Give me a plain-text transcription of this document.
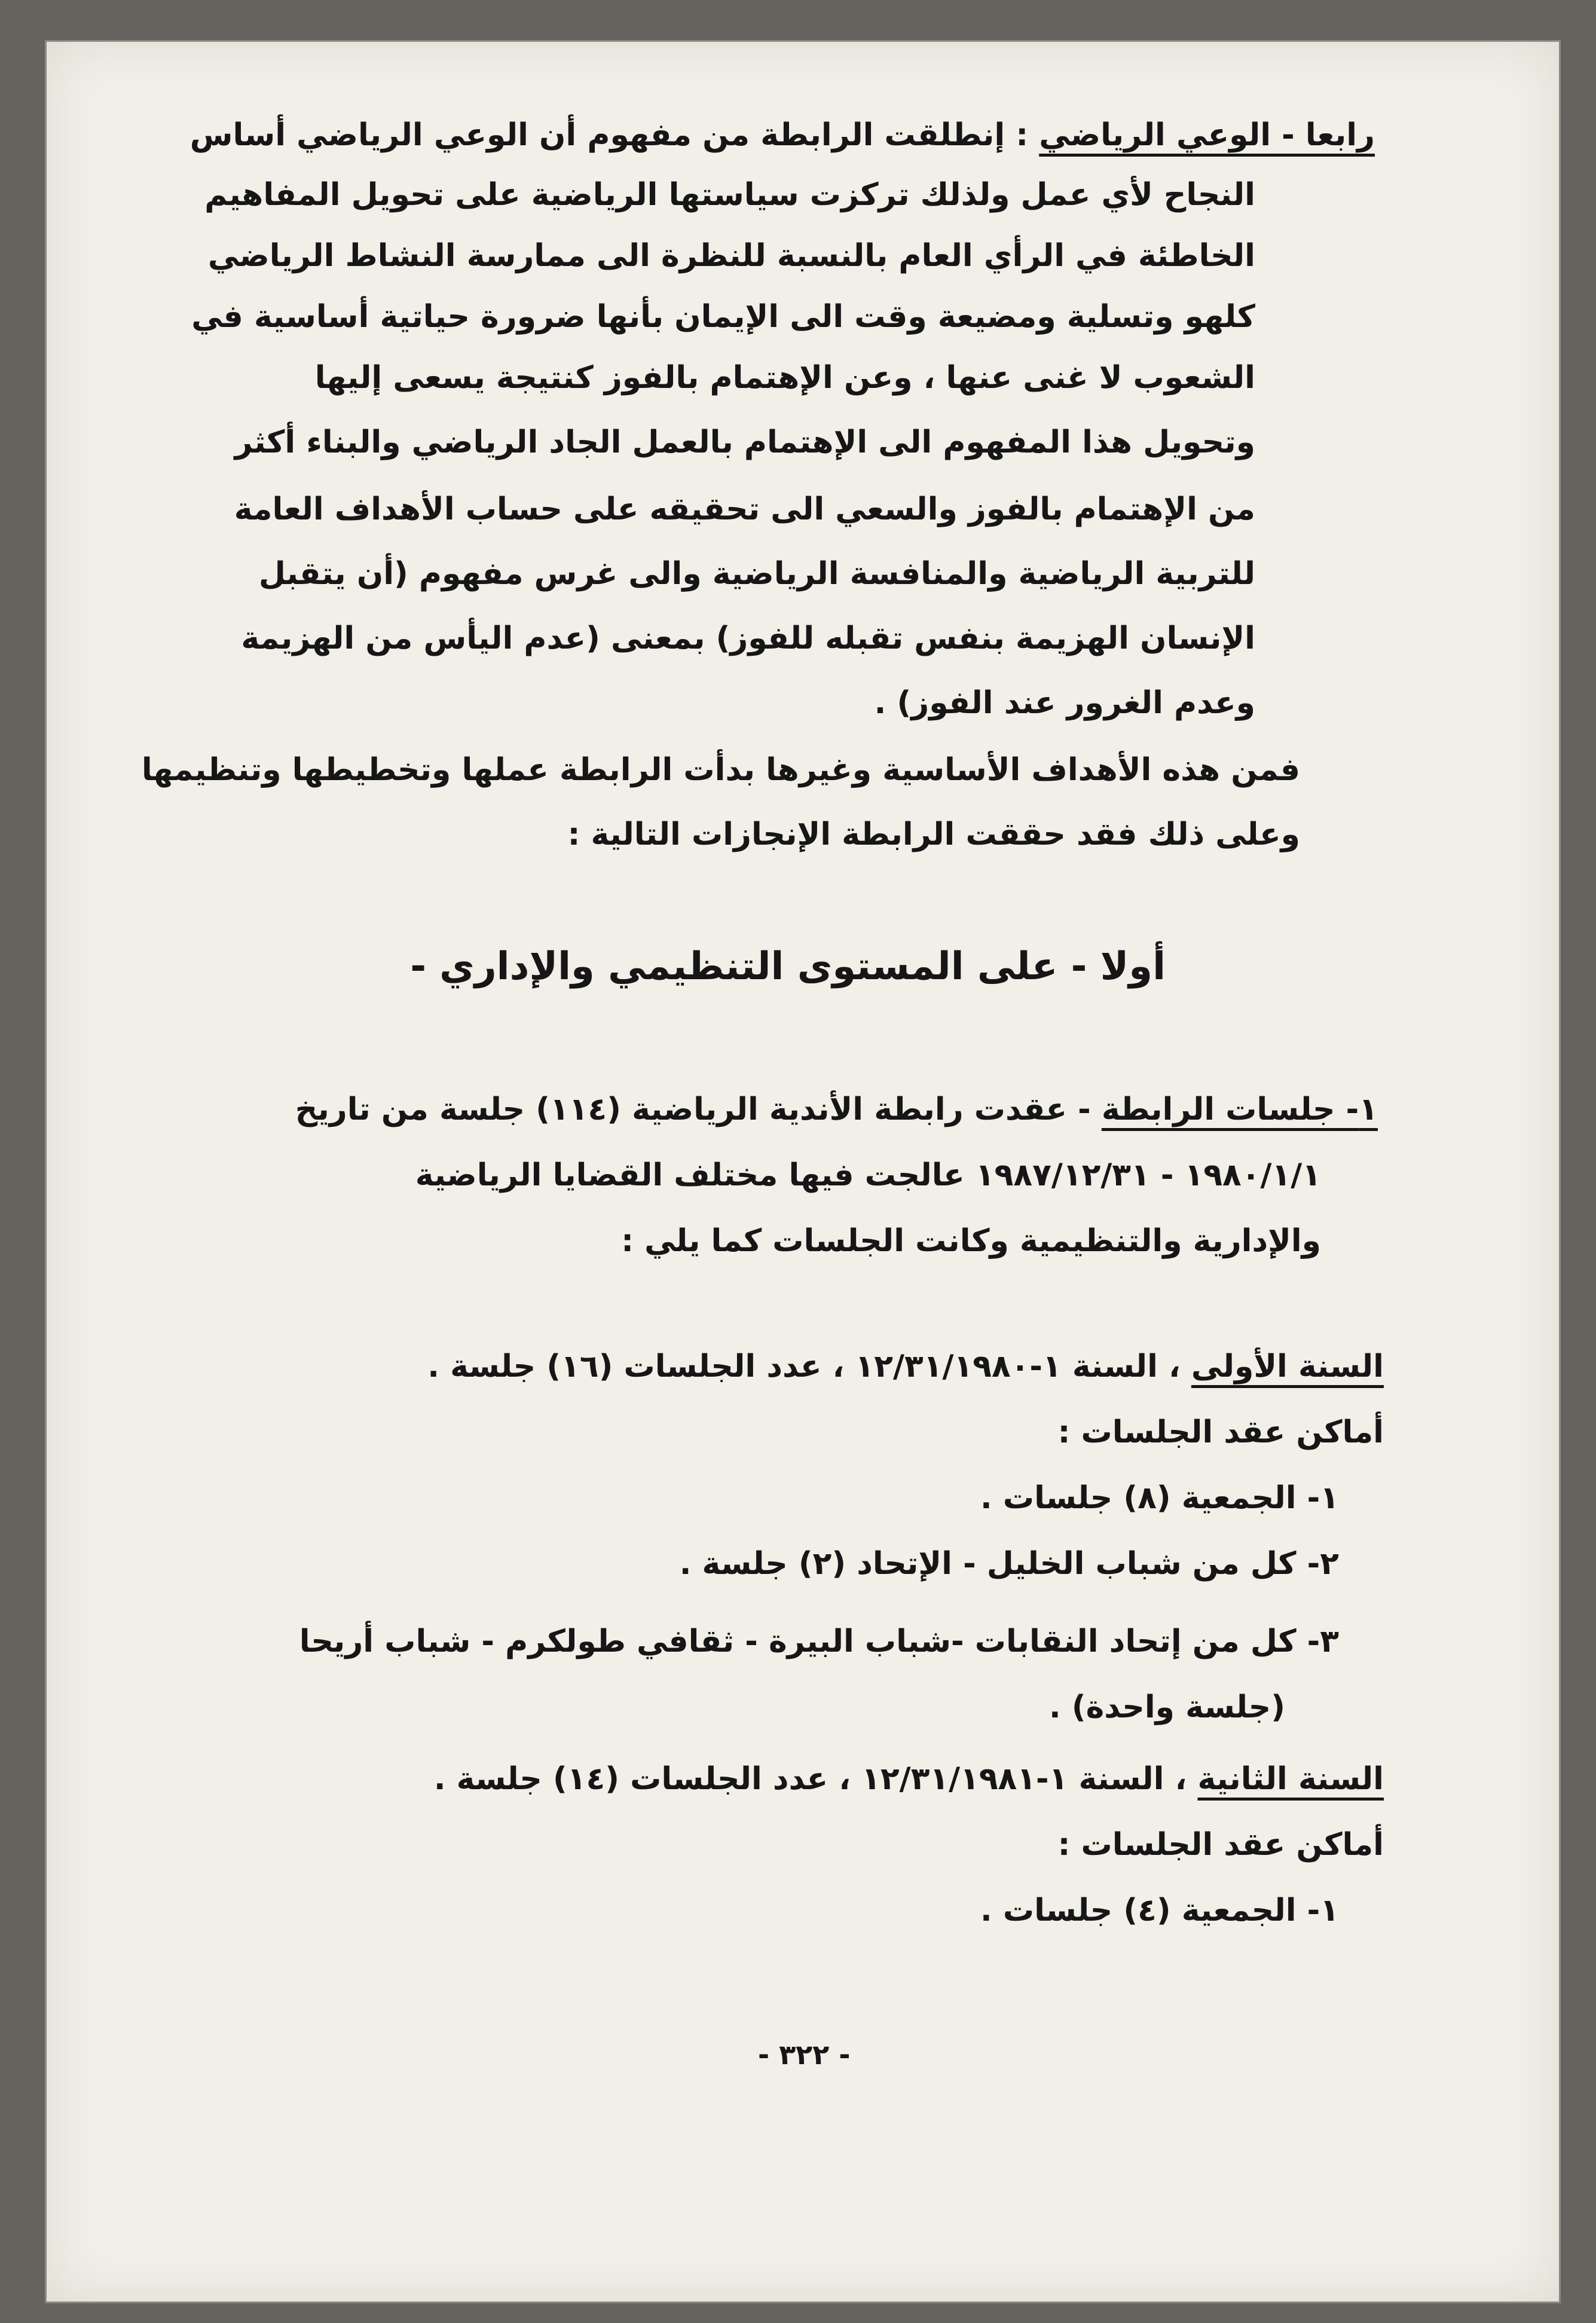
رابعا - الوعي الرياضي : إنطلقت الرابطة من مفهوم أن الوعي الرياضي أساس
النجاح لأي عمل ولذلك تركزت سياستها الرياضية على تحويل المفاهيم
الخاطئة في الرأي العام بالنسبة للنظرة الى ممارسة النشاط الرياضي
كلهو وتسلية ومضيعة وقت الى الإيمان بأنها ضرورة حياتية أساسية في
الشعوب لا غنى عنها ، وعن الإهتمام بالفوز كنتيجة يسعى إليها
وتحويل هذا المفهوم الى الإهتمام بالعمل الجاد الرياضي والبناء أكثر
من الإهتمام بالفوز والسعي الى تحقيقه على حساب الأهداف العامة
للتربية الرياضية والمنافسة الرياضية والى غرس مفهوم (أن يتقبل
الإنسان الهزيمة بنفس تقبله للفوز) بمعنى (عدم اليأس من الهزيمة
وعدم الغرور عند الفوز) .
فمن هذه الأهداف الأساسية وغيرها بدأت الرابطة عملها وتخطيطها وتنظيمها
وعلى ذلك فقد حققت الرابطة الإنجازات التالية :
أولا - على المستوى التنظيمي والإداري -
١- جلسات الرابطة - عقدت رابطة الأندية الرياضية (١١٤) جلسة من تاريخ
١٩٨٠/١/١ - ١٩٨٧/١٢/٣١ عالجت فيها مختلف القضايا الرياضية
والإدارية والتنظيمية وكانت الجلسات كما يلي :
السنة الأولى ، السنة ١-١٢/٣١/١٩٨٠ ، عدد الجلسات (١٦) جلسة .
أماكن عقد الجلسات :
١- الجمعية (٨) جلسات .
٢- كل من شباب الخليل - الإتحاد (٢) جلسة .
٣- كل من إتحاد النقابات -شباب البيرة - ثقافي طولكرم - شباب أريحا
(جلسة واحدة) .
السنة الثانية ، السنة ١-١٢/٣١/١٩٨١ ، عدد الجلسات (١٤) جلسة .
أماكن عقد الجلسات :
١- الجمعية (٤) جلسات .
- ٣٢٢ -
